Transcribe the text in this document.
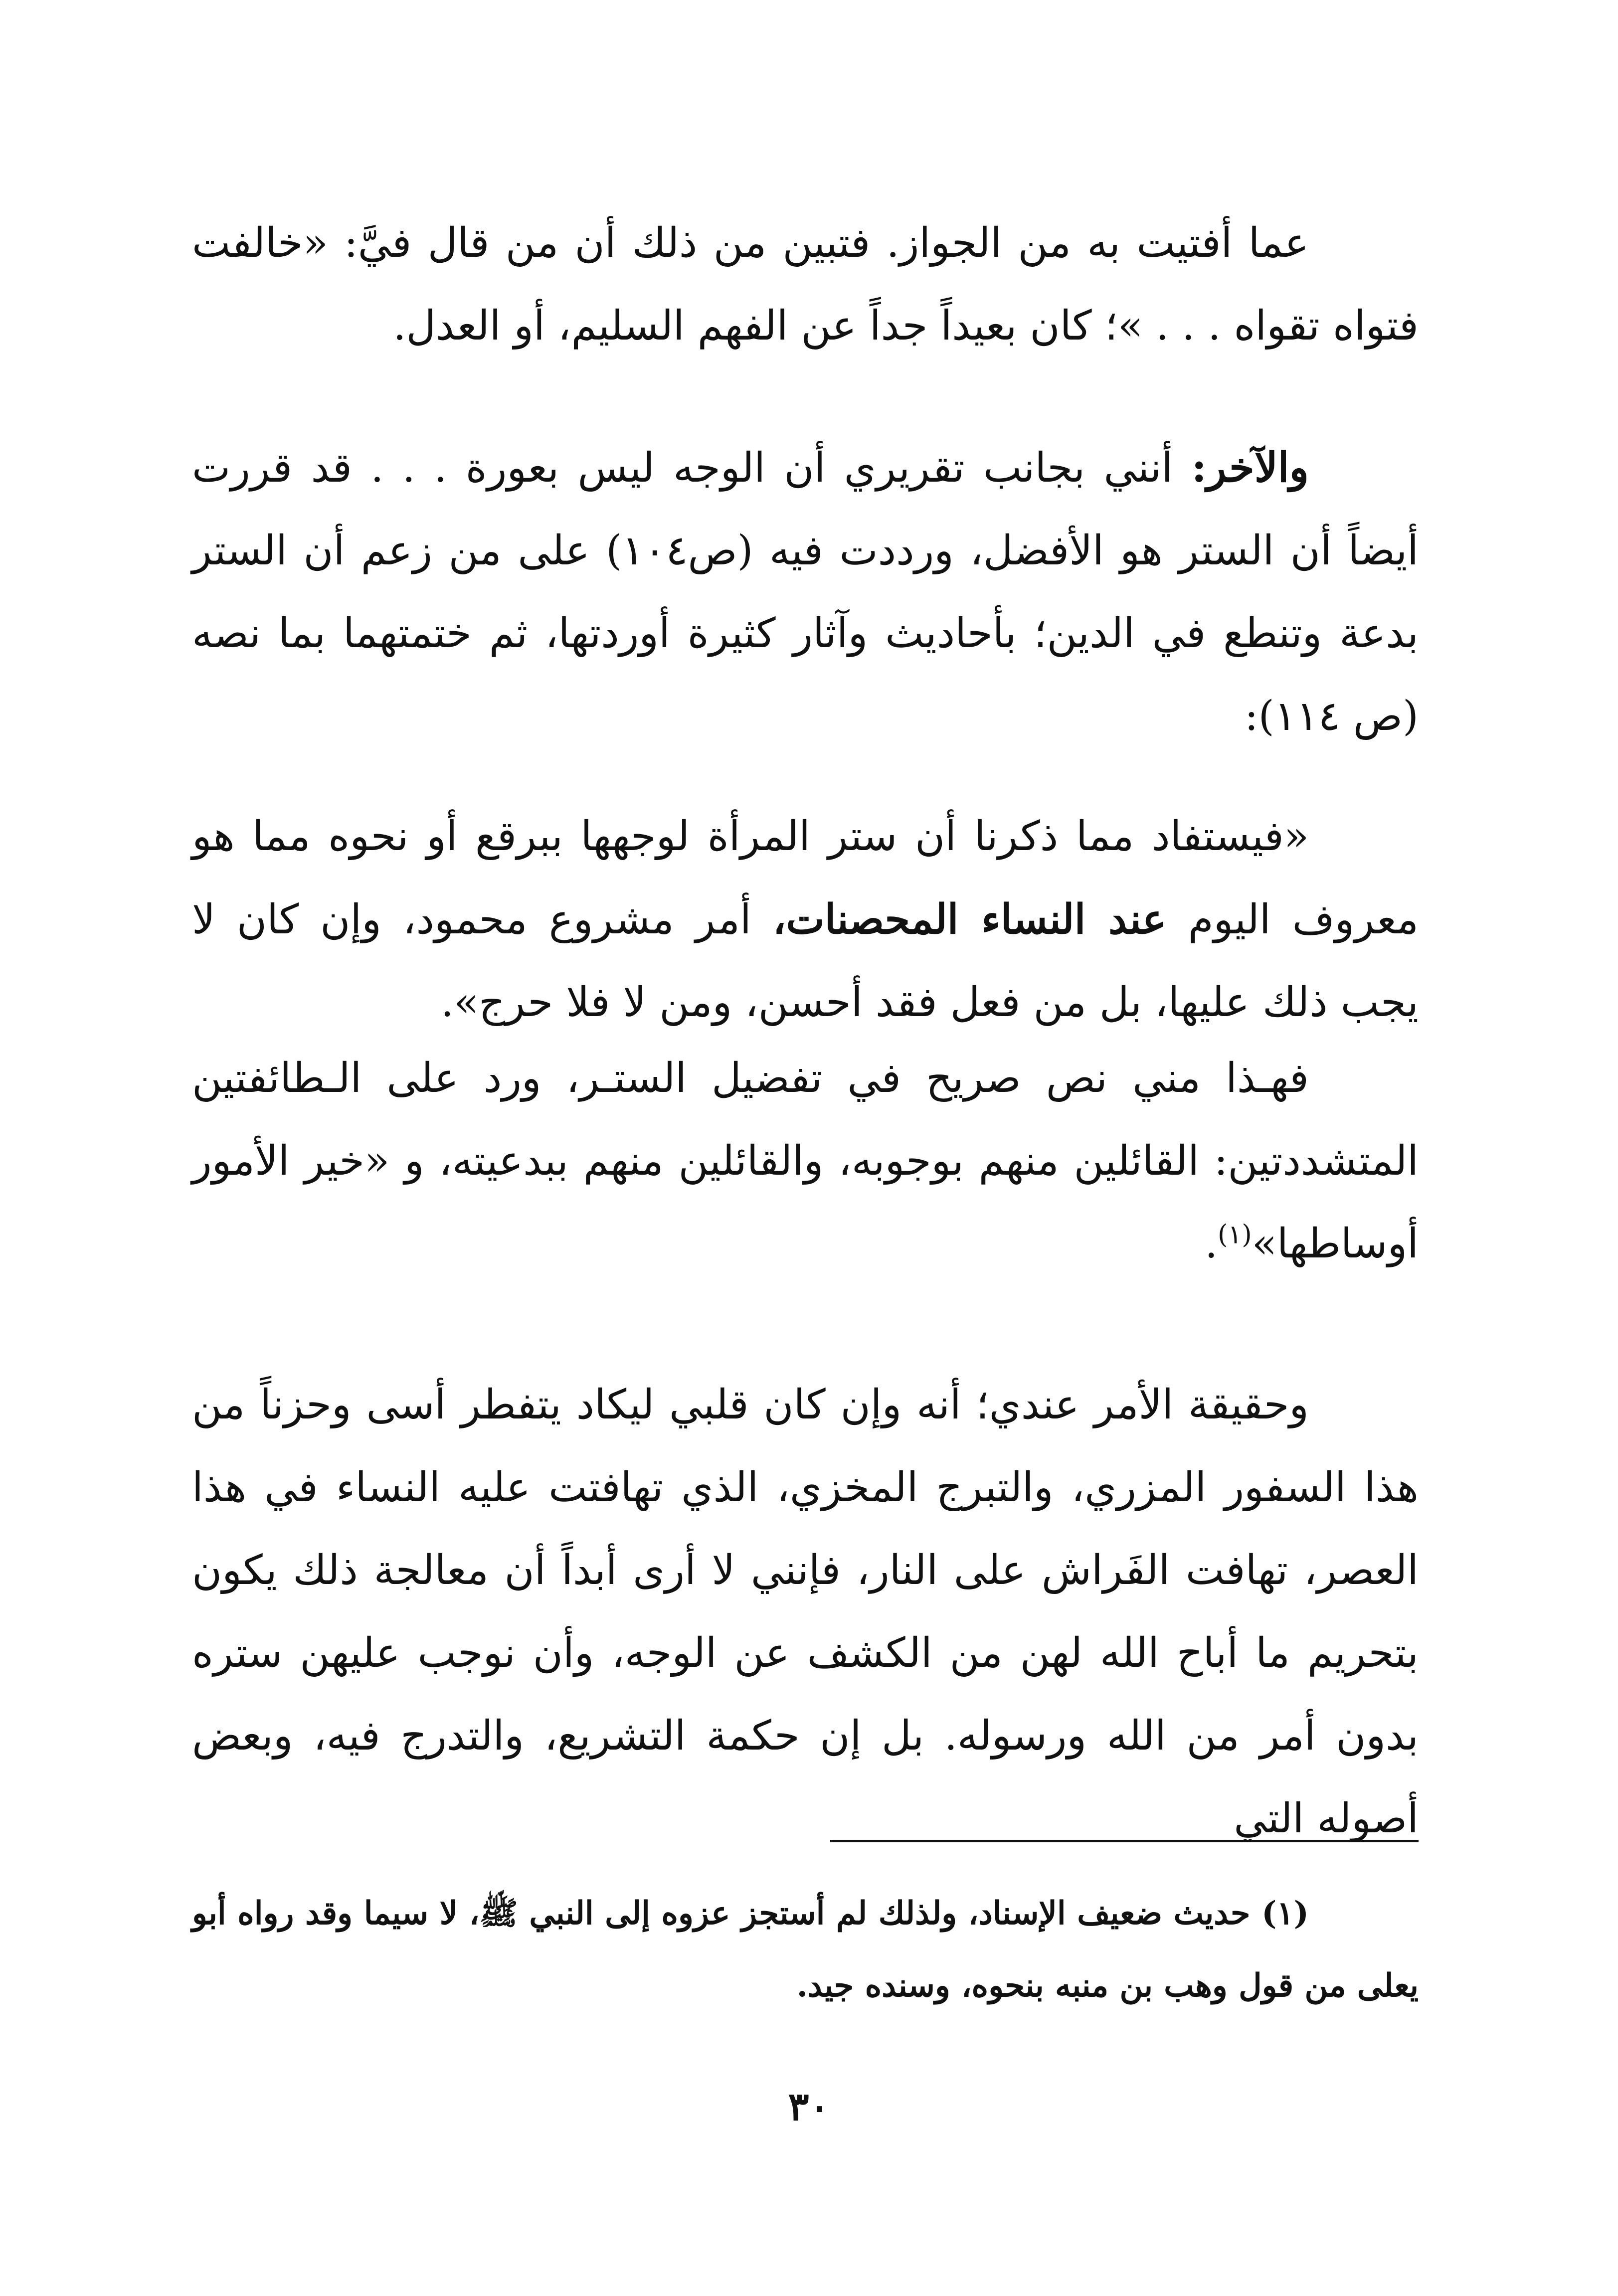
عما أفتيت به من الجواز. فتبين من ذلك أن من قال فيَّ: «خالفت فتواه تقواه . . . »؛ كان بعيداً جداً عن الفهم السليم، أو العدل.

والآخر: أنني بجانب تقريري أن الوجه ليس بعورة . . . قد قررت أيضاً أن الستر هو الأفضل، ورددت فيه (ص١٠٤) على من زعم أن الستر بدعة وتنطع في الدين؛ بأحاديث وآثار كثيرة أوردتها، ثم ختمتهما بما نصه (ص ١١٤):

«فيستفاد مما ذكرنا أن ستر المرأة لوجهها ببرقع أو نحوه مما هو معروف اليوم عند النساء المحصنات، أمر مشروع محمود، وإن كان لا يجب ذلك عليها، بل من فعل فقد أحسن، ومن لا فلا حرج».

فهـذا مني نص صريح في تفضيل الستـر، ورد على الـطائفتين المتشددتين: القائلين منهم بوجوبه، والقائلين منهم ببدعيته، و «خير الأمور أوساطها»$^{(١)}$.

وحقيقة الأمر عندي؛ أنه وإن كان قلبي ليكاد يتفطر أسى وحزناً من هذا السفور المزري، والتبرج المخزي، الذي تهافتت عليه النساء في هذا العصر، تهافت الفَراش على النار، فإنني لا أرى أبداً أن معالجة ذلك يكون بتحريم ما أباح الله لهن من الكشف عن الوجه، وأن نوجب عليهن ستره بدون أمر من الله ورسوله. بل إن حكمة التشريع، والتدرج فيه، وبعض أصوله التي

(١) حديث ضعيف الإسناد، ولذلك لم أستجز عزوه إلى النبي ﷺ، لا سيما وقد رواه أبو يعلى من قول وهب بن منبه بنحوه، وسنده جيد.

٣٠
